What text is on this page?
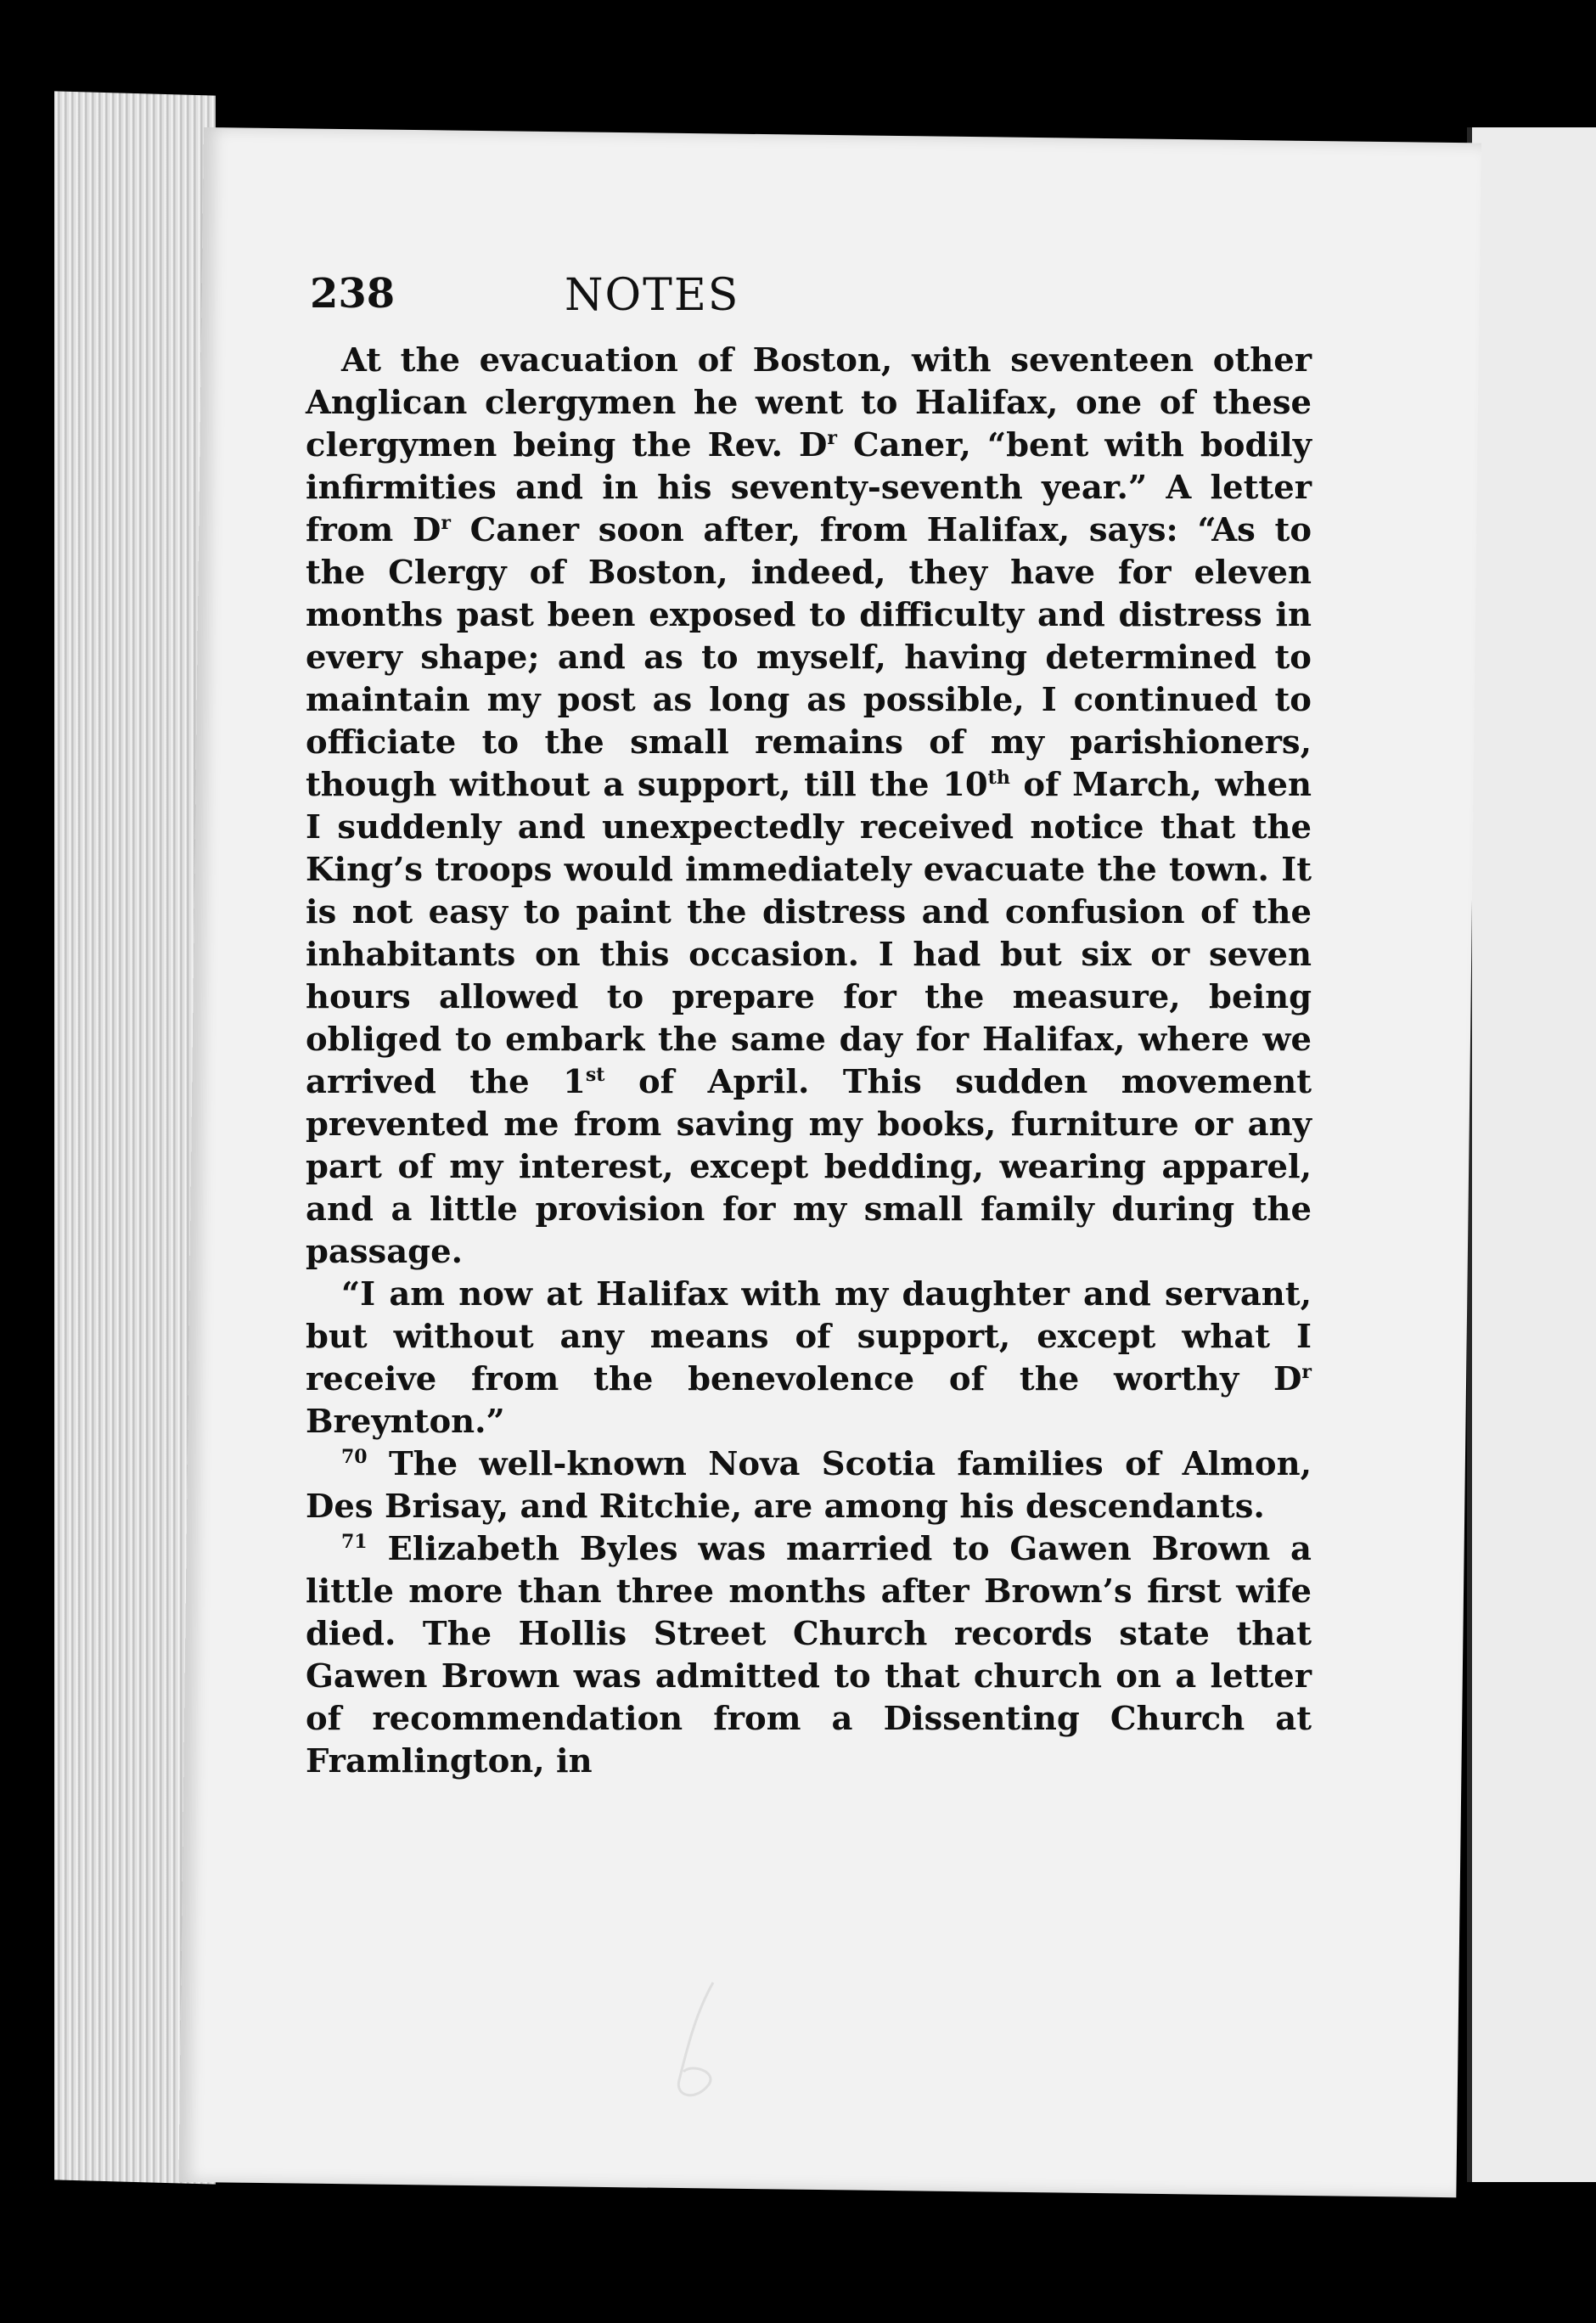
238	NOTES

At the evacuation of Boston, with seventeen other Anglican clergymen he went to Halifax, one of these clergymen being the Rev. $D^r$ Caner, “bent with bodily infirmities and in his seventy-seventh year.” A letter from $D^r$ Caner soon after, from Halifax, says: “As to the Clergy of Boston, indeed, they have for eleven months past been exposed to difficulty and distress in every shape; and as to myself, having determined to maintain my post as long as possible, I continued to officiate to the small remains of my parishioners, though without a support, till the 10th of March, when I suddenly and unexpectedly received notice that the King’s troops would immediately evacuate the town. It is not easy to paint the distress and confusion of the inhabitants on this occasion. I had but six or seven hours allowed to prepare for the measure, being obliged to embark the same day for Halifax, where we arrived the 1st of April. This sudden movement prevented me from saving my books, furniture or any part of my interest, except bedding, wearing apparel, and a little provision for my small family during the passage.

“I am now at Halifax with my daughter and servant, but without any means of support, except what I receive from the benevolence of the worthy $D^r$ Breynton.”

$^{70}$ The well-known Nova Scotia families of Almon, Des Brisay, and Ritchie, are among his descendants.

$^{71}$ Elizabeth Byles was married to Gawen Brown a little more than three months after Brown’s first wife died. The Hollis Street Church records state that Gawen Brown was admitted to that church on a letter of recommendation from a Dissenting Church at Framlington, in
